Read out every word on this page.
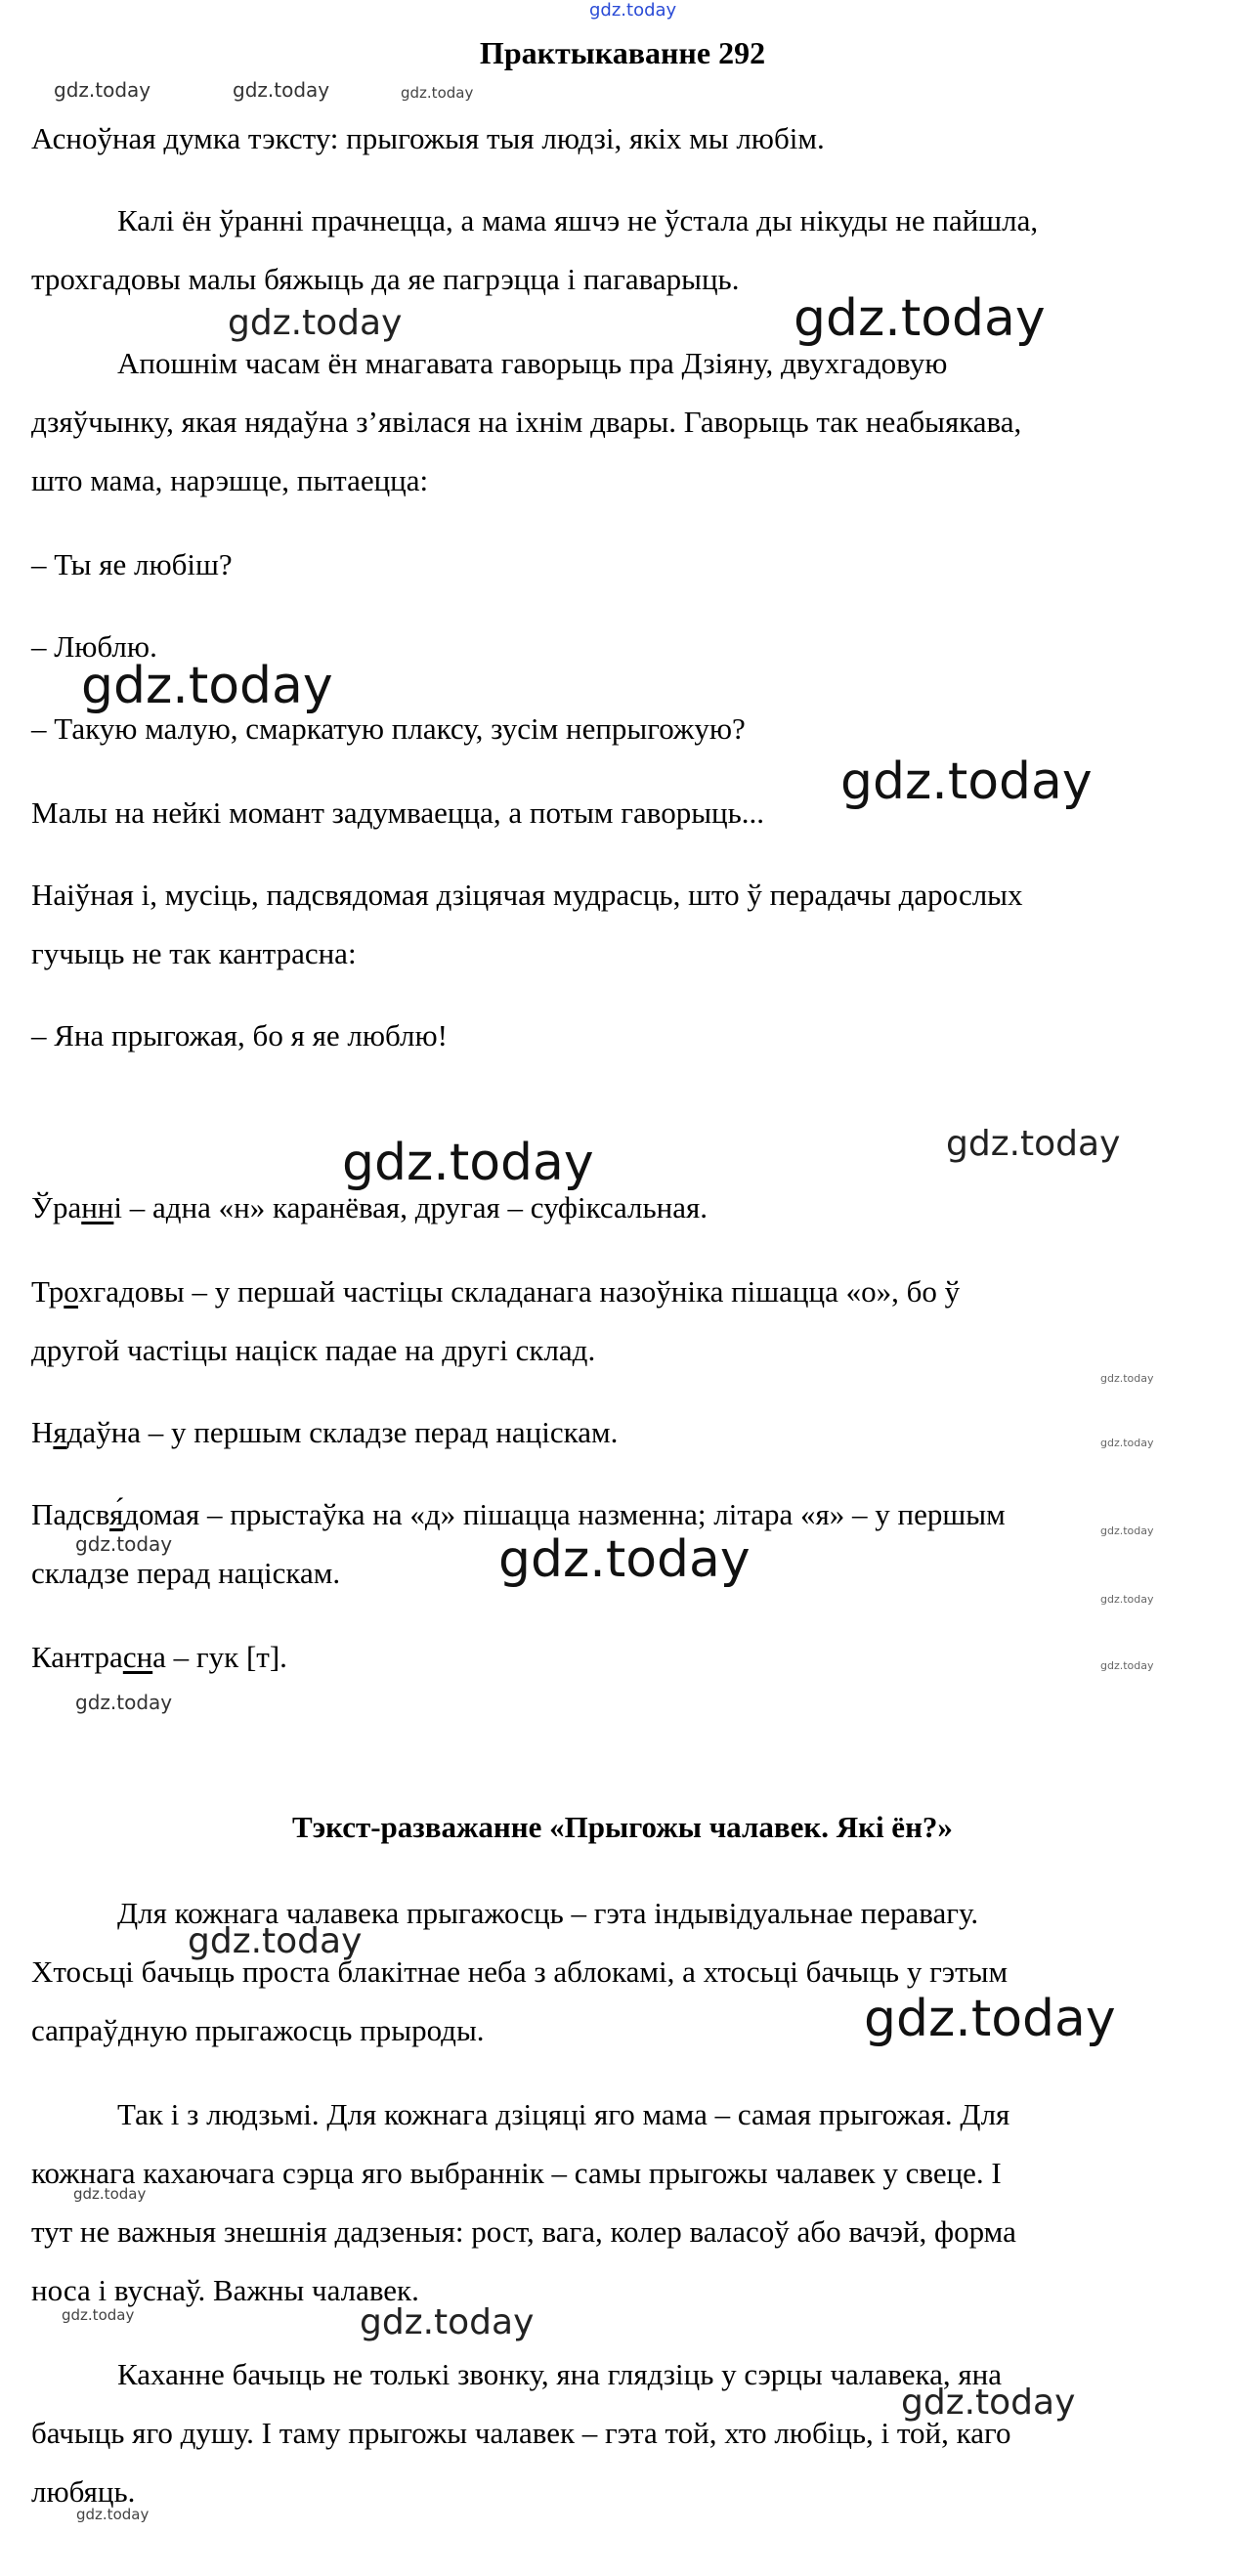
gdz.today
gdz.today	gdz.today	gdz.today
Практыкаванне 292
Асноўная думка тэксту: прыгожыя тыя людзі, якіх мы любім.
Калі ён ўранні прачнецца, а мама яшчэ не ўстала ды нікуды не пайшла,
трохгадовы малы бяжыць да яе пагрэцца і пагаварыць.
gdz.today	gdz.today
Апошнім часам ён мнагавата гаворыць пра Дзіяну, двухгадовую
дзяўчынку, якая нядаўна з’явілася на іхнім двары. Гаворыць так неабыякава,
што мама, нарэшце, пытаецца:
– Ты яе любіш?
– Люблю.
gdz.today
– Такую малую, смаркатую плаксу, зусім непрыгожую?
gdz.today
Малы на нейкі момант задумваецца, а потым гаворыць...
Наіўная і, мусіць, падсвядомая дзіцячая мудрасць, што ў перадачы дарослых
гучыць не так кантрасна:
– Яна прыгожая, бо я яе люблю!
gdz.today	gdz.today
Ўранні – адна «н» каранёвая, другая – суфіксальная.
Трохгадовы – у першай частіцы складанага назоўніка пішацца «о», бо ў
другой частіцы націск падае на другі склад.
gdz.today
Нядаўна – у першым складзе перад націскам.	gdz.today
Падсвя́домая – прыстаўка на «д» пішацца назменна; літара «я» – у першым	gdz.today
gdz.today
складзе перад націскам.	gdz.today
gdz.today
Кантрасна – гук [т].	gdz.today
gdz.today
Тэкст-разважанне «Прыгожы чалавек. Які ён?»
Для кожнага чалавека прыгажосць – гэта індывідуальнае перавагу.
gdz.today
Хтосьці бачыць проста блакітнае неба з аблокамі, а хтосьці бачыць у гэтым
сапраўдную прыгажосць прыроды.	gdz.today
Так і з людзьмі. Для кожнага дзіцяці яго мама – самая прыгожая. Для
кожнага кахаючага сэрца яго выбраннік – самы прыгожы чалавек у свеце. І
gdz.today
тут не важныя знешнія дадзеныя: рост, вага, колер валасоў або вачэй, форма
носа і вуснаў. Важны чалавек.
gdz.today	gdz.today
Каханне бачыць не толькі звонку, яна глядзіць у сэрцы чалавека, яна
gdz.today
бачыць яго душу. І таму прыгожы чалавек – гэта той, хто любіць, і той, каго
любяць.
gdz.today
